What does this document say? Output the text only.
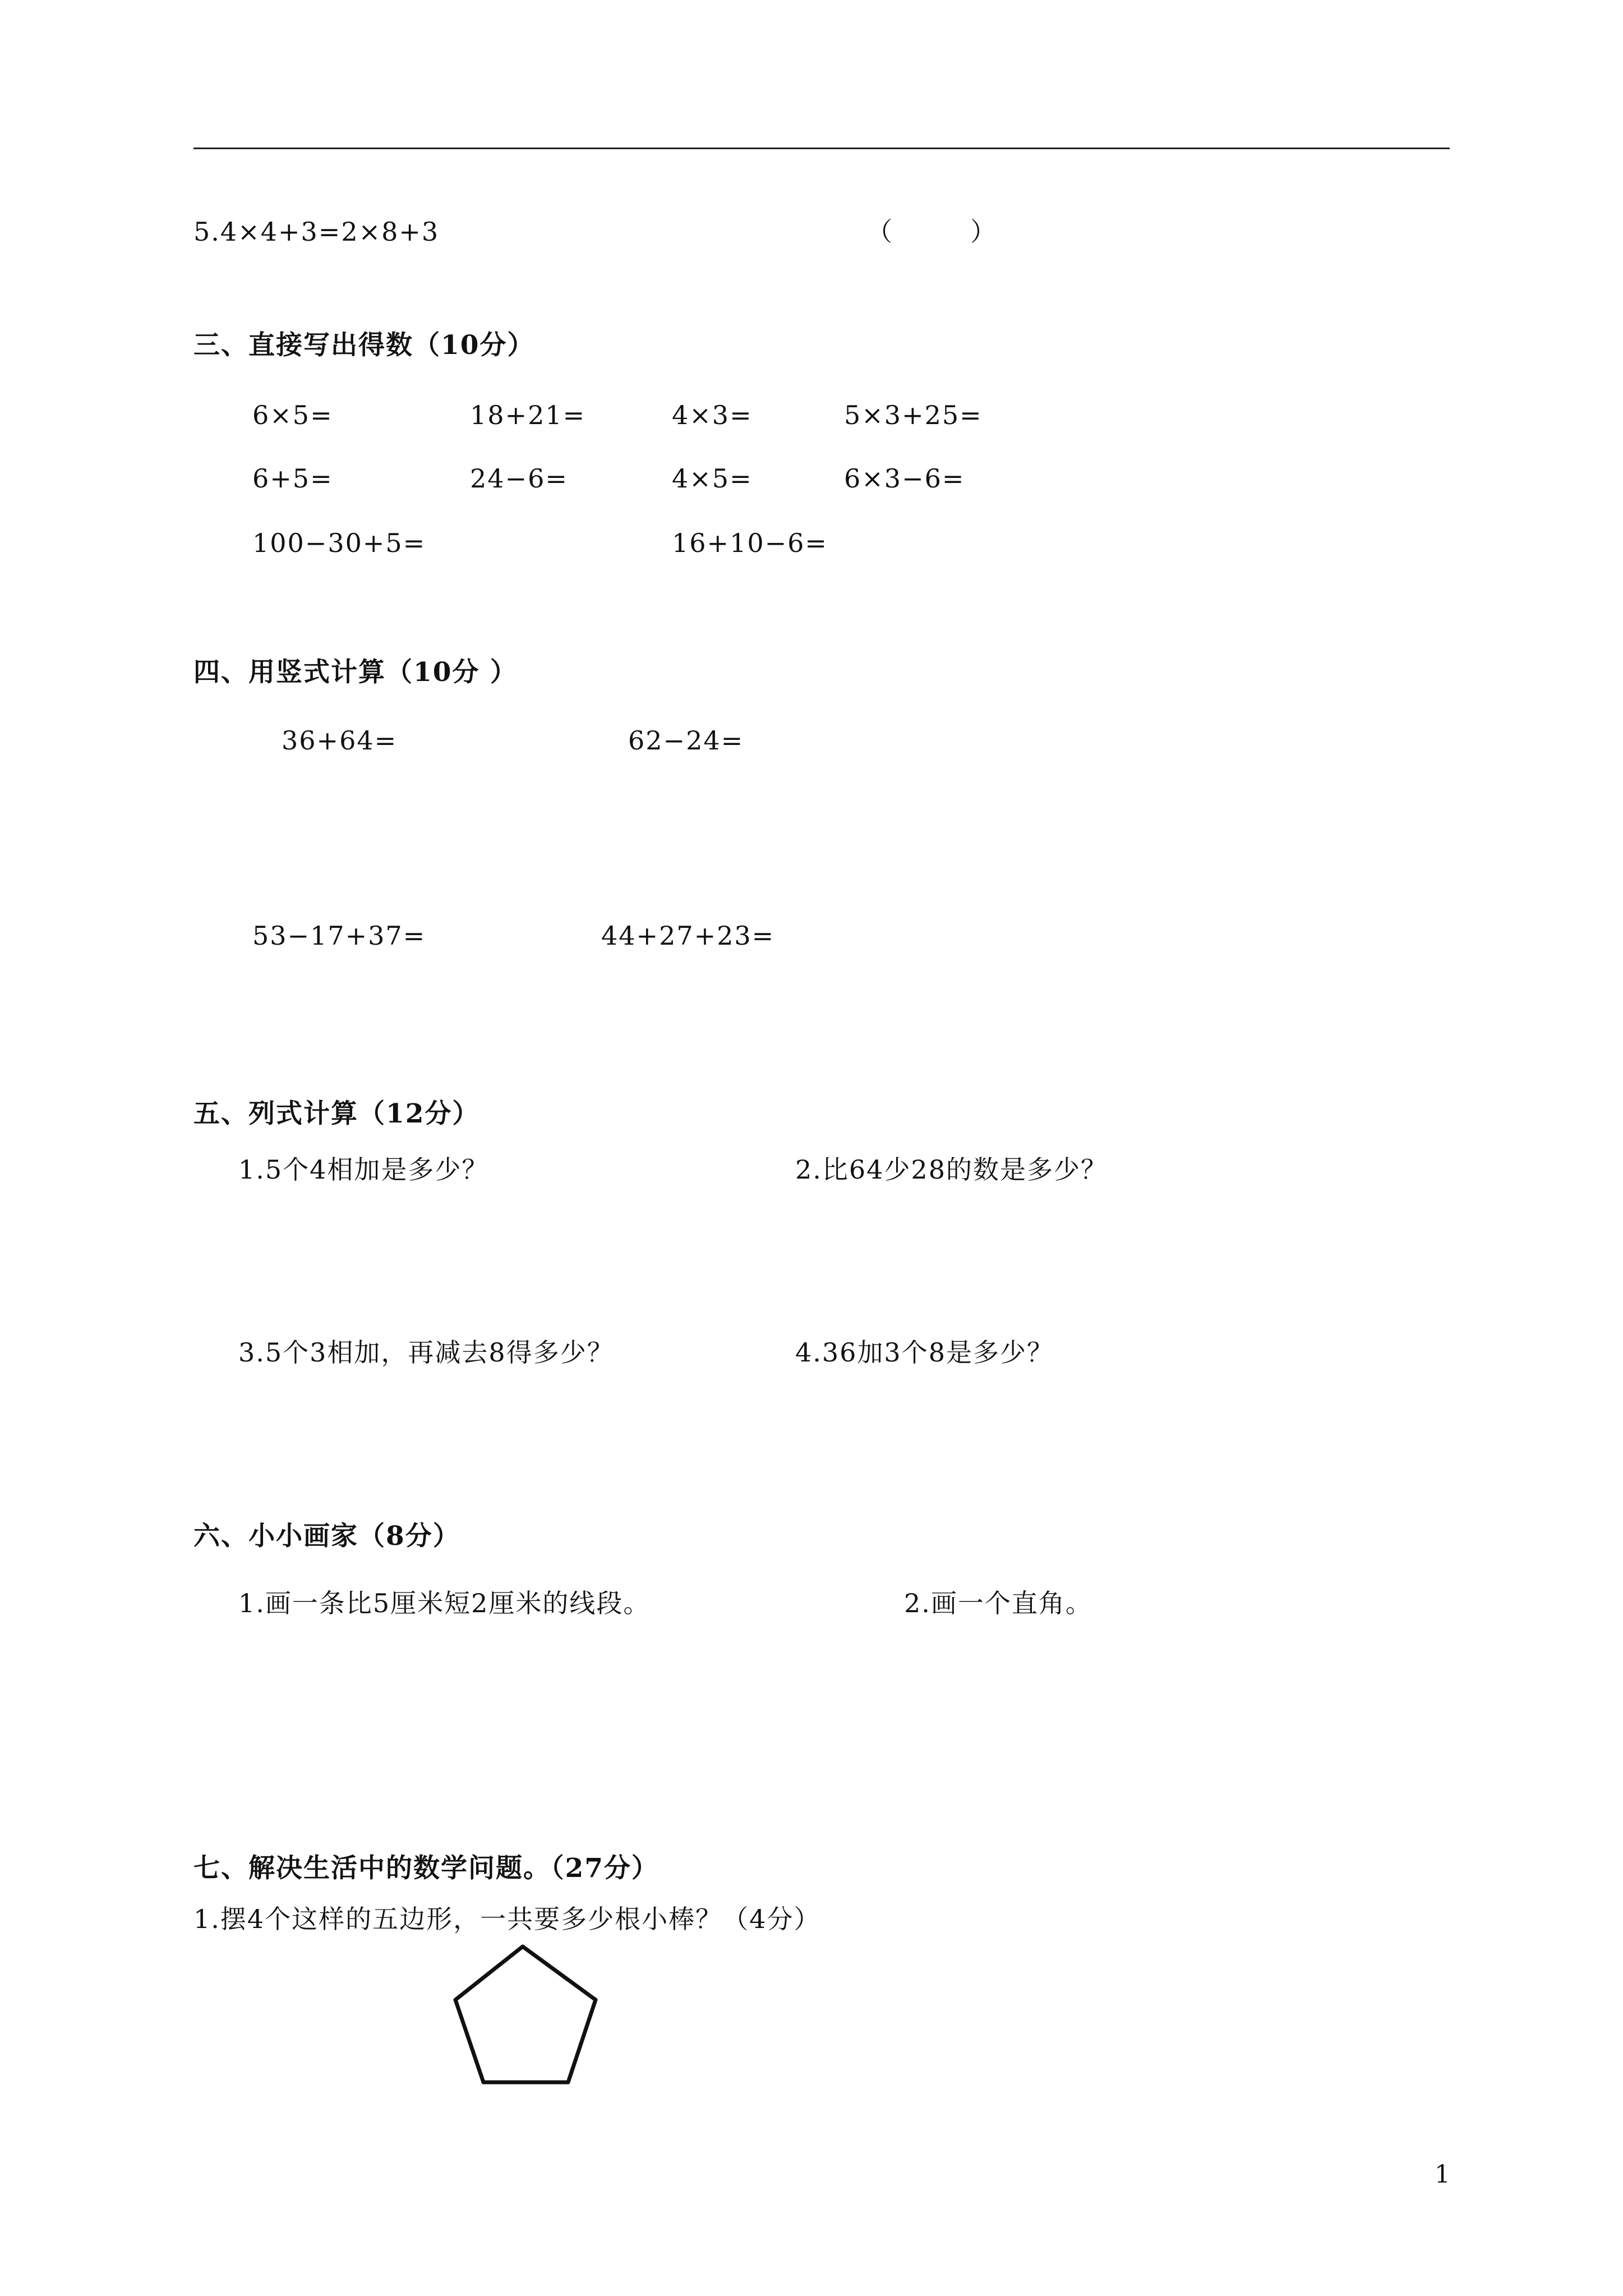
5.4×4+3=2×8+3	（	）
三、直接写出得数（10分）
6×5=	18+21=	4×3=	5×3+25=
6+5=	24−6=	4×5=	6×3−6=
100−30+5=	16+10−6=
四、用竖式计算（10分 ）
36+64=	62−24=
53−17+37=	44+27+23=
五、列式计算（12分）
1.5个4相加是多少？	2.比64少28的数是多少？
3.5个3相加，再减去8得多少？	4.36加3个8是多少？
六、小小画家（8分）
1.画一条比5厘米短2厘米的线段。	2.画一个直角。
七、解决生活中的数学问题。（27分）
1.摆4个这样的五边形，一共要多少根小棒？（4分）
1
